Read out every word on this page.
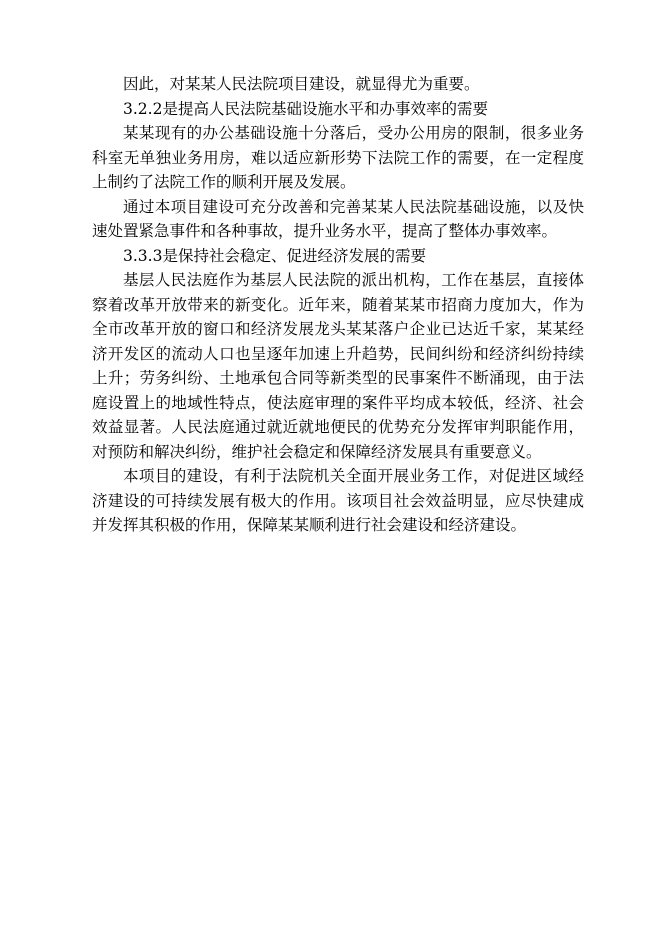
因此，对某某人民法院项目建设，就显得尤为重要。
3.2.2是提高人民法院基础设施水平和办事效率的需要
某某现有的办公基础设施十分落后，受办公用房的限制，很多业务
科室无单独业务用房，难以适应新形势下法院工作的需要，在一定程度
上制约了法院工作的顺利开展及发展。
通过本项目建设可充分改善和完善某某人民法院基础设施，以及快
速处置紧急事件和各种事故，提升业务水平，提高了整体办事效率。
3.3.3是保持社会稳定、促进经济发展的需要
基层人民法庭作为基层人民法院的派出机构，工作在基层，直接体
察着改革开放带来的新变化。近年来，随着某某市招商力度加大，作为
全市改革开放的窗口和经济发展龙头某某落户企业已达近千家，某某经
济开发区的流动人口也呈逐年加速上升趋势，民间纠纷和经济纠纷持续
上升；劳务纠纷、土地承包合同等新类型的民事案件不断涌现，由于法
庭设置上的地域性特点，使法庭审理的案件平均成本较低，经济、社会
效益显著。人民法庭通过就近就地便民的优势充分发挥审判职能作用，
对预防和解决纠纷，维护社会稳定和保障经济发展具有重要意义。
本项目的建设，有利于法院机关全面开展业务工作，对促进区域经
济建设的可持续发展有极大的作用。该项目社会效益明显，应尽快建成
并发挥其积极的作用，保障某某顺利进行社会建设和经济建设。
